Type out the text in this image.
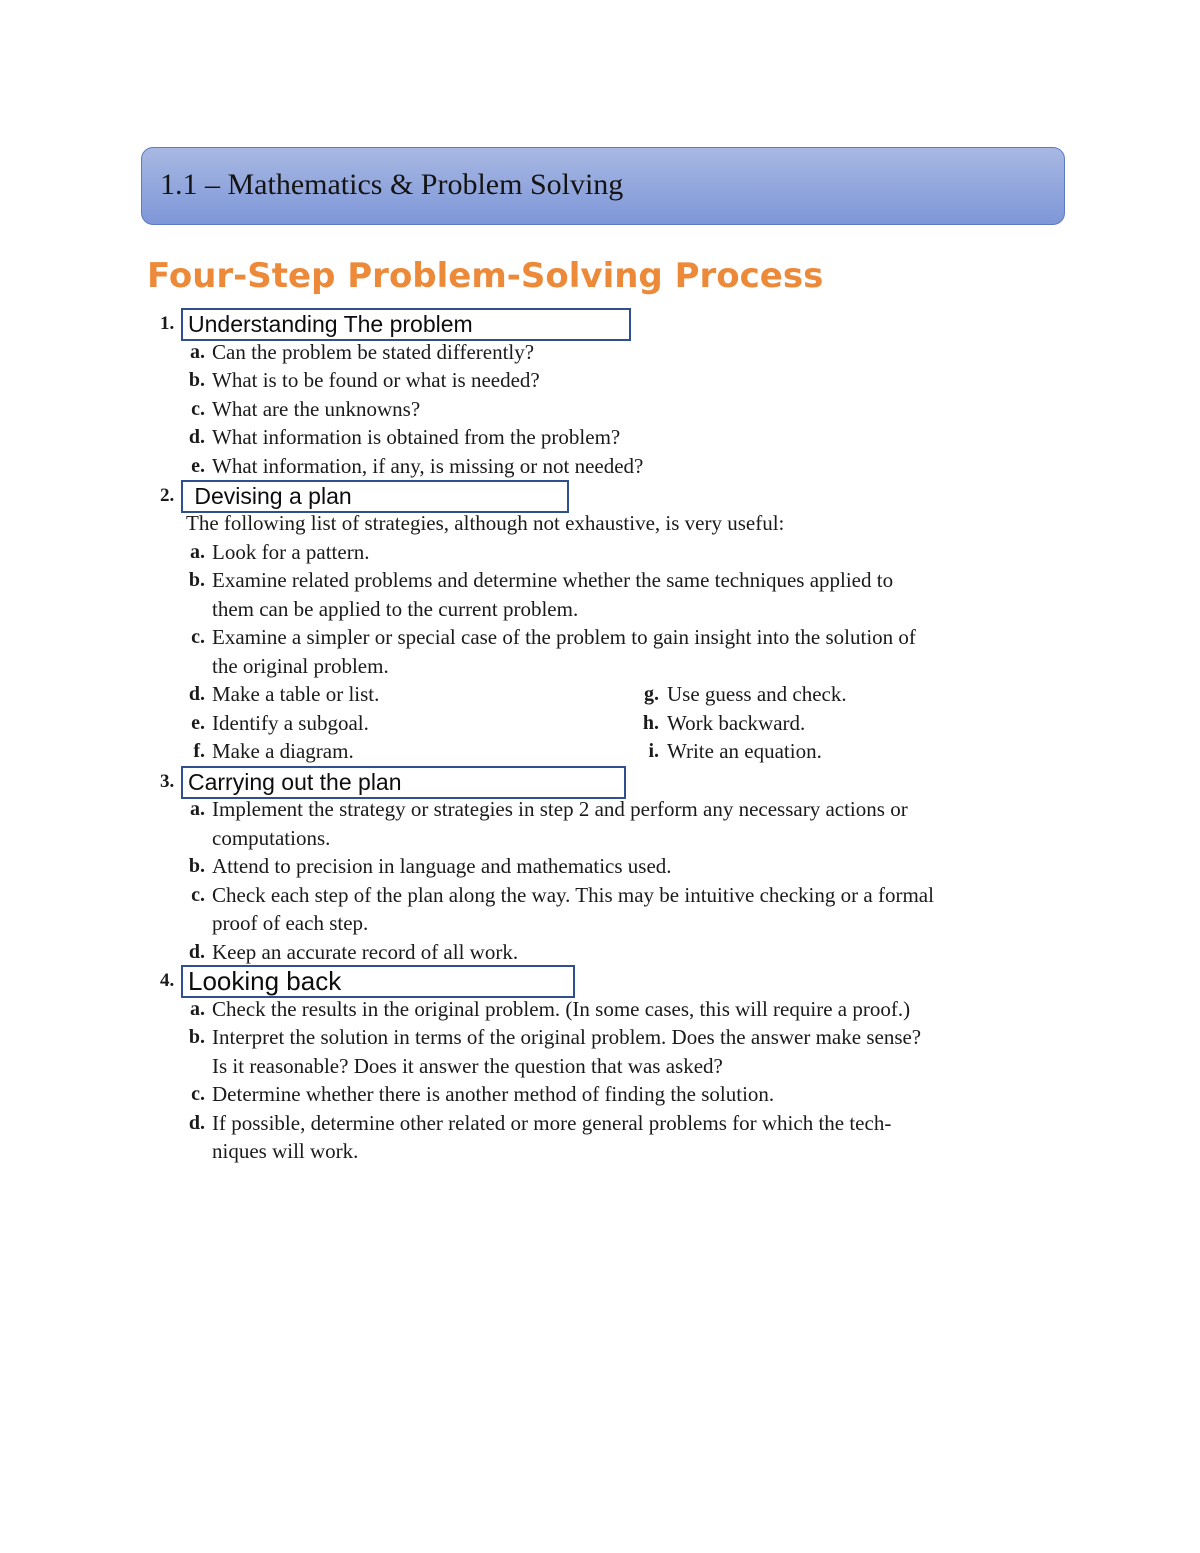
1.1 – Mathematics & Problem Solving
Four-Step Problem-Solving Process
1. Understanding The problem
a. Can the problem be stated differently?
b. What is to be found or what is needed?
c. What are the unknowns?
d. What information is obtained from the problem?
e. What information, if any, is missing or not needed?
2. Devising a plan
The following list of strategies, although not exhaustive, is very useful:
a. Look for a pattern.
b. Examine related problems and determine whether the same techniques applied to
them can be applied to the current problem.
c. Examine a simpler or special case of the problem to gain insight into the solution of
the original problem.
d. Make a table or list.
e. Identify a subgoal.
f. Make a diagram.
g. Use guess and check.
h. Work backward.
i. Write an equation.
3. Carrying out the plan
a. Implement the strategy or strategies in step 2 and perform any necessary actions or
computations.
b. Attend to precision in language and mathematics used.
c. Check each step of the plan along the way. This may be intuitive checking or a formal
proof of each step.
d. Keep an accurate record of all work.
4. Looking back
a. Check the results in the original problem. (In some cases, this will require a proof.)
b. Interpret the solution in terms of the original problem. Does the answer make sense?
Is it reasonable? Does it answer the question that was asked?
c. Determine whether there is another method of finding the solution.
d. If possible, determine other related or more general problems for which the tech-
niques will work.
